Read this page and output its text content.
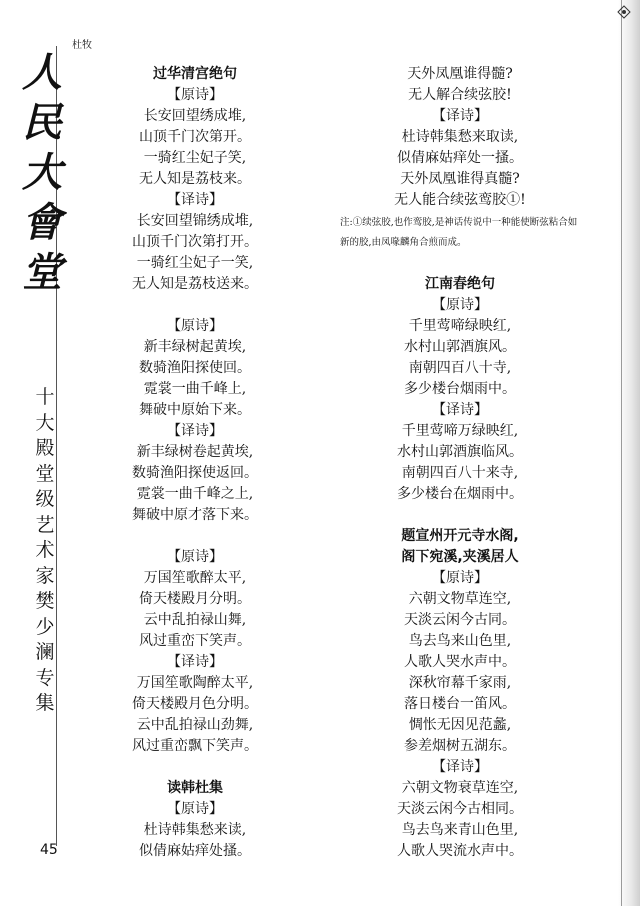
杜牧
人
民
大
會
堂
十大殿堂级艺术家樊少澜专集
45
过华清宫绝句
【原诗】
长安回望绣成堆,
山顶千门次第开。
一骑红尘妃子笑,
无人知是荔枝来。
【译诗】
长安回望锦绣成堆,
山顶千门次第打开。
一骑红尘妃子一笑,
无人知是荔枝送来。
【原诗】
新丰绿树起黄埃,
数骑渔阳探使回。
霓裳一曲千峰上,
舞破中原始下来。
【译诗】
新丰绿树卷起黄埃,
数骑渔阳探使返回。
霓裳一曲千峰之上,
舞破中原才落下来。
【原诗】
万国笙歌醉太平,
倚天楼殿月分明。
云中乱拍禄山舞,
风过重峦下笑声。
【译诗】
万国笙歌陶醉太平,
倚天楼殿月色分明。
云中乱拍禄山劲舞,
风过重峦飘下笑声。
读韩杜集
【原诗】
杜诗韩集愁来读,
似倩麻姑痒处搔。
天外凤凰谁得髓?
无人解合续弦胶!
【译诗】
杜诗韩集愁来取读,
似倩麻姑痒处一搔。
天外凤凰谁得真髓?
无人能合续弦鸾胶①!
注:①续弦胶,也作鸾胶,是神话传说中一种能使断弦粘合如新的胶,由凤喙麟角合煎而成。
江南春绝句
【原诗】
千里莺啼绿映红,
水村山郭酒旗风。
南朝四百八十寺,
多少楼台烟雨中。
【译诗】
千里莺啼万绿映红,
水村山郭酒旗临风。
南朝四百八十来寺,
多少楼台在烟雨中。
题宣州开元寺水阁,
阁下宛溪,夹溪居人
【原诗】
六朝文物草连空,
天淡云闲今古同。
鸟去鸟来山色里,
人歌人哭水声中。
深秋帘幕千家雨,
落日楼台一笛风。
惆怅无因见范蠡,
参差烟树五湖东。
【译诗】
六朝文物衰草连空,
天淡云闲今古相同。
鸟去鸟来青山色里,
人歌人哭流水声中。
